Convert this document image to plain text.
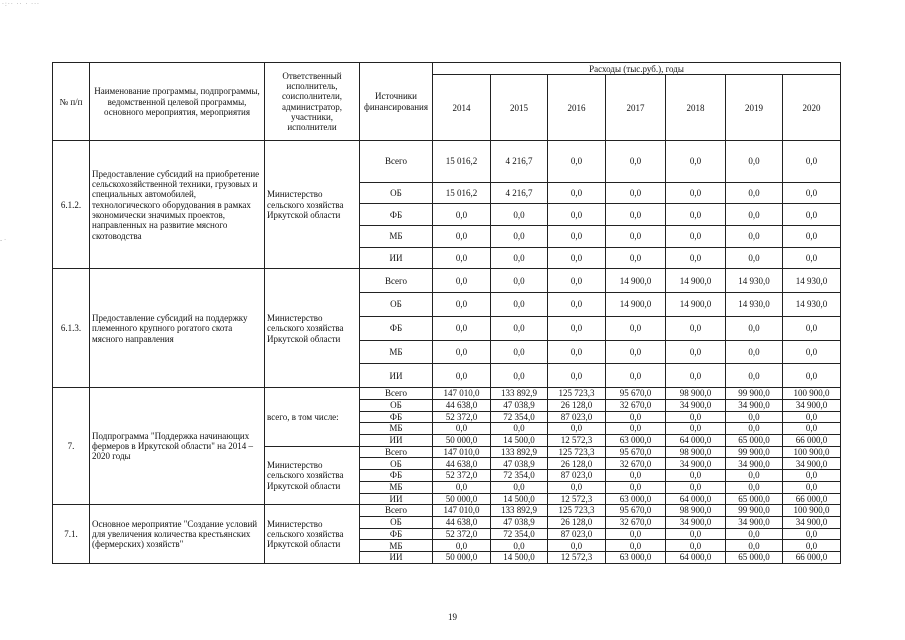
·:·· ·· · ···
- ·
№ п/п	Наименование программы, подпрограммы, ведомственной целевой программы, основного мероприятия, мероприятия	Ответственный исполнитель, соисполнители, администратор, участники, исполнители	Источники финансирования	Расходы (тыс.руб.), годы						
				2014	2015	2016	2017	2018	2019	2020
6.1.2.	Предоставление субсидий на приобретение сельскохозяйственной техники, грузовых и специальных автомобилей, технологического оборудования в рамках экономически значимых проектов, направленных на развитие мясного скотоводства	Министерство сельского хозяйства Иркутской области	Всего	15 016,2	4 216,7	0,0	0,0	0,0	0,0	0,0
			ОБ	15 016,2	4 216,7	0,0	0,0	0,0	0,0	0,0
			ФБ	0,0	0,0	0,0	0,0	0,0	0,0	0,0
			МБ	0,0	0,0	0,0	0,0	0,0	0,0	0,0
			ИИ	0,0	0,0	0,0	0,0	0,0	0,0	0,0
6.1.3.	Предоставление субсидий на поддержку племенного крупного рогатого скота мясного направления	Министерство сельского хозяйства Иркутской области	Всего	0,0	0,0	0,0	14 900,0	14 900,0	14 930,0	14 930,0
			ОБ	0,0	0,0	0,0	14 900,0	14 900,0	14 930,0	14 930,0
			ФБ	0,0	0,0	0,0	0,0	0,0	0,0	0,0
			МБ	0,0	0,0	0,0	0,0	0,0	0,0	0,0
			ИИ	0,0	0,0	0,0	0,0	0,0	0,0	0,0
7.	Подпрограмма "Поддержка начинающих фермеров в Иркутской области" на 2014 – 2020 годы	всего, в том числе:	Всего	147 010,0	133 892,9	125 723,3	95 670,0	98 900,0	99 900,0	100 900,0
			ОБ	44 638,0	47 038,9	26 128,0	32 670,0	34 900,0	34 900,0	34 900,0
			ФБ	52 372,0	72 354,0	87 023,0	0,0	0,0	0,0	0,0
			МБ	0,0	0,0	0,0	0,0	0,0	0,0	0,0
			ИИ	50 000,0	14 500,0	12 572,3	63 000,0	64 000,0	65 000,0	66 000,0
		Министерство сельского хозяйства Иркутской области	Всего	147 010,0	133 892,9	125 723,3	95 670,0	98 900,0	99 900,0	100 900,0
			ОБ	44 638,0	47 038,9	26 128,0	32 670,0	34 900,0	34 900,0	34 900,0
			ФБ	52 372,0	72 354,0	87 023,0	0,0	0,0	0,0	0,0
			МБ	0,0	0,0	0,0	0,0	0,0	0,0	0,0
			ИИ	50 000,0	14 500,0	12 572,3	63 000,0	64 000,0	65 000,0	66 000,0
7.1.	Основное мероприятие "Создание условий для увеличения количества крестьянских (фермерских) хозяйств"	Министерство сельского хозяйства Иркутской области	Всего	147 010,0	133 892,9	125 723,3	95 670,0	98 900,0	99 900,0	100 900,0
			ОБ	44 638,0	47 038,9	26 128,0	32 670,0	34 900,0	34 900,0	34 900,0
			ФБ	52 372,0	72 354,0	87 023,0	0,0	0,0	0,0	0,0
			МБ	0,0	0,0	0,0	0,0	0,0	0,0	0,0
			ИИ	50 000,0	14 500,0	12 572,3	63 000,0	64 000,0	65 000,0	66 000,0
19
